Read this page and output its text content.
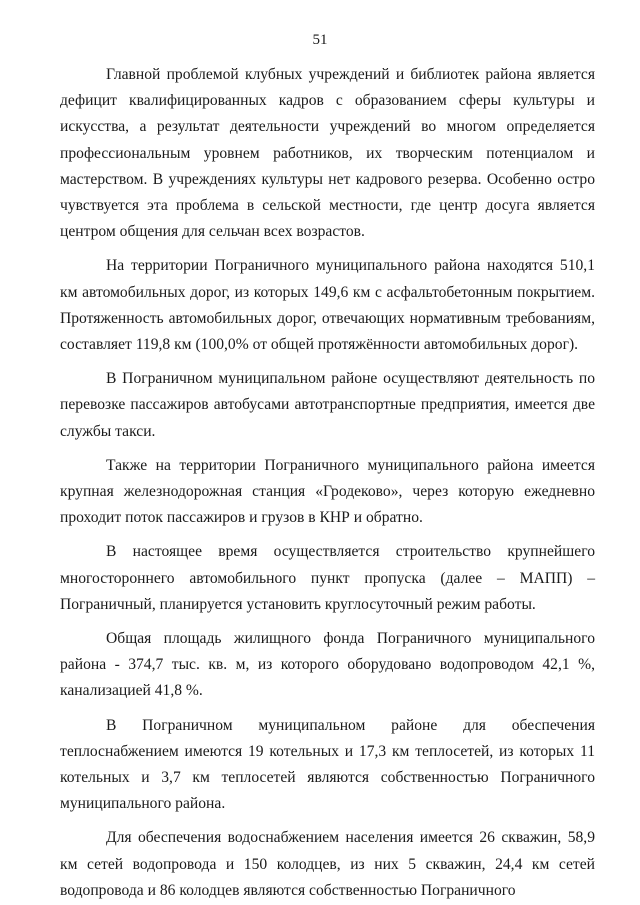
51

Главной проблемой клубных учреждений и библиотек района является дефицит квалифицированных кадров с образованием сферы культуры и искусства, а результат деятельности учреждений во многом определяется профессиональным уровнем работников, их творческим потенциалом и мастерством. В учреждениях культуры нет кадрового резерва. Особенно остро чувствуется эта проблема в сельской местности, где центр досуга является центром общения для сельчан всех возрастов.

На территории Пограничного муниципального района находятся 510,1 км автомобильных дорог, из которых 149,6 км с асфальтобетонным покрытием. Протяженность автомобильных дорог, отвечающих нормативным требованиям, составляет 119,8 км (100,0% от общей протяжённости автомобильных дорог).

В Пограничном муниципальном районе осуществляют деятельность по перевозке пассажиров автобусами автотранспортные предприятия, имеется две службы такси.

Также на территории Пограничного муниципального района имеется крупная железнодорожная станция «Гродеково», через которую ежедневно проходит поток пассажиров и грузов в КНР и обратно.

В настоящее время осуществляется строительство крупнейшего многостороннего автомобильного пункт пропуска (далее – МАПП) – Пограничный, планируется установить круглосуточный режим работы.

Общая площадь жилищного фонда Пограничного муниципального района - 374,7 тыс. кв. м, из которого оборудовано водопроводом 42,1 %, канализацией 41,8 %.

В Пограничном муниципальном районе для обеспечения теплоснабжением имеются 19 котельных и 17,3 км теплосетей, из которых 11 котельных и 3,7 км теплосетей являются собственностью Пограничного муниципального района.

Для обеспечения водоснабжением населения имеется 26 скважин, 58,9 км сетей водопровода и 150 колодцев, из них 5 скважин, 24,4 км сетей водопровода и 86 колодцев являются собственностью Пограничного
